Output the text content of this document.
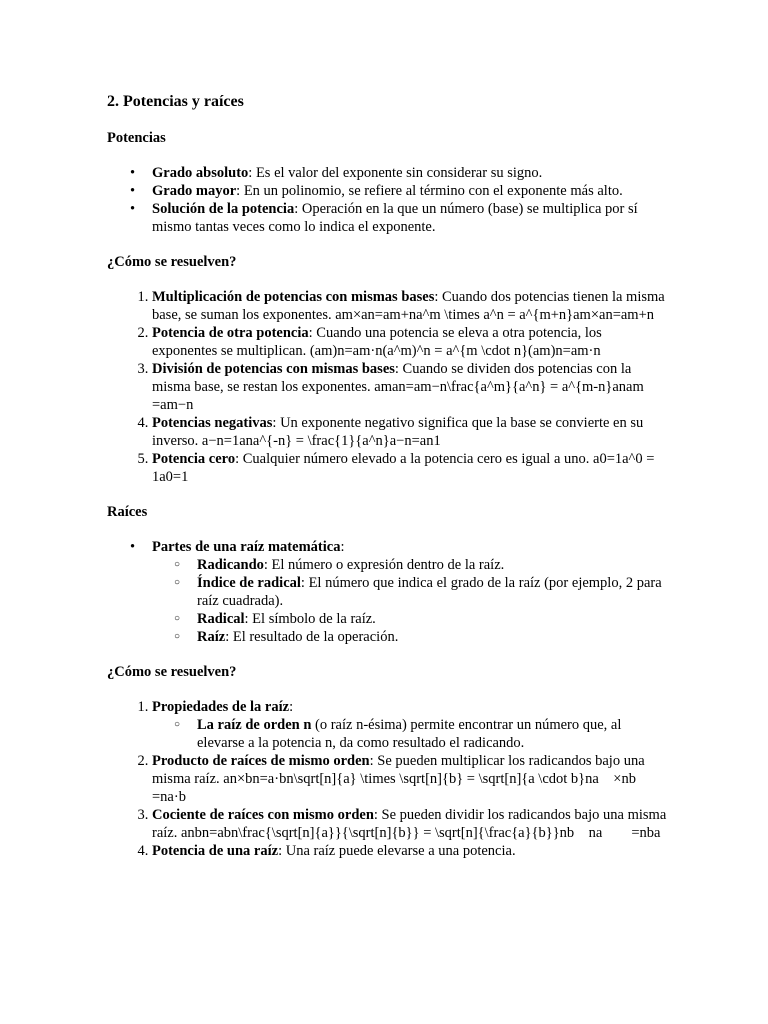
2. Potencias y raíces
Potencias
• Grado absoluto: Es el valor del exponente sin considerar su signo.
• Grado mayor: En un polinomio, se refiere al término con el exponente más alto.
• Solución de la potencia: Operación en la que un número (base) se multiplica por sí mismo tantas veces como lo indica el exponente.
¿Cómo se resuelven?
1. Multiplicación de potencias con mismas bases: Cuando dos potencias tienen la misma base, se suman los exponentes. am×an=am+na^m \times a^n = a^{m+n}am×an=am+n
2. Potencia de otra potencia: Cuando una potencia se eleva a otra potencia, los exponentes se multiplican. (am)n=am·n(a^m)^n = a^{m \cdot n}(am)n=am·n
3. División de potencias con mismas bases: Cuando se dividen dos potencias con la misma base, se restan los exponentes. aman=am−n\frac{a^m}{a^n} = a^{m-n}anam =am−n
4. Potencias negativas: Un exponente negativo significa que la base se convierte en su inverso. a−n=1ana^{-n} = \frac{1}{a^n}a−n=an1
5. Potencia cero: Cualquier número elevado a la potencia cero es igual a uno. a0=1a^0 = 1a0=1
Raíces
• Partes de una raíz matemática:
○ Radicando: El número o expresión dentro de la raíz.
○ Índice de radical: El número que indica el grado de la raíz (por ejemplo, 2 para raíz cuadrada).
○ Radical: El símbolo de la raíz.
○ Raíz: El resultado de la operación.
¿Cómo se resuelven?
1. Propiedades de la raíz:
○ La raíz de orden n (o raíz n-ésima) permite encontrar un número que, al elevarse a la potencia n, da como resultado el radicando.
2. Producto de raíces de mismo orden: Se pueden multiplicar los radicandos bajo una misma raíz. an×bn=a·bn\sqrt[n]{a} \times \sqrt[n]{b} = \sqrt[n]{a \cdot b}na ×nb =na·b
3. Cociente de raíces con mismo orden: Se pueden dividir los radicandos bajo una misma raíz. anbn=abn\frac{\sqrt[n]{a}}{\sqrt[n]{b}} = \sqrt[n]{\frac{a}{b}}nb na  =nba
4. Potencia de una raíz: Una raíz puede elevarse a una potencia.
